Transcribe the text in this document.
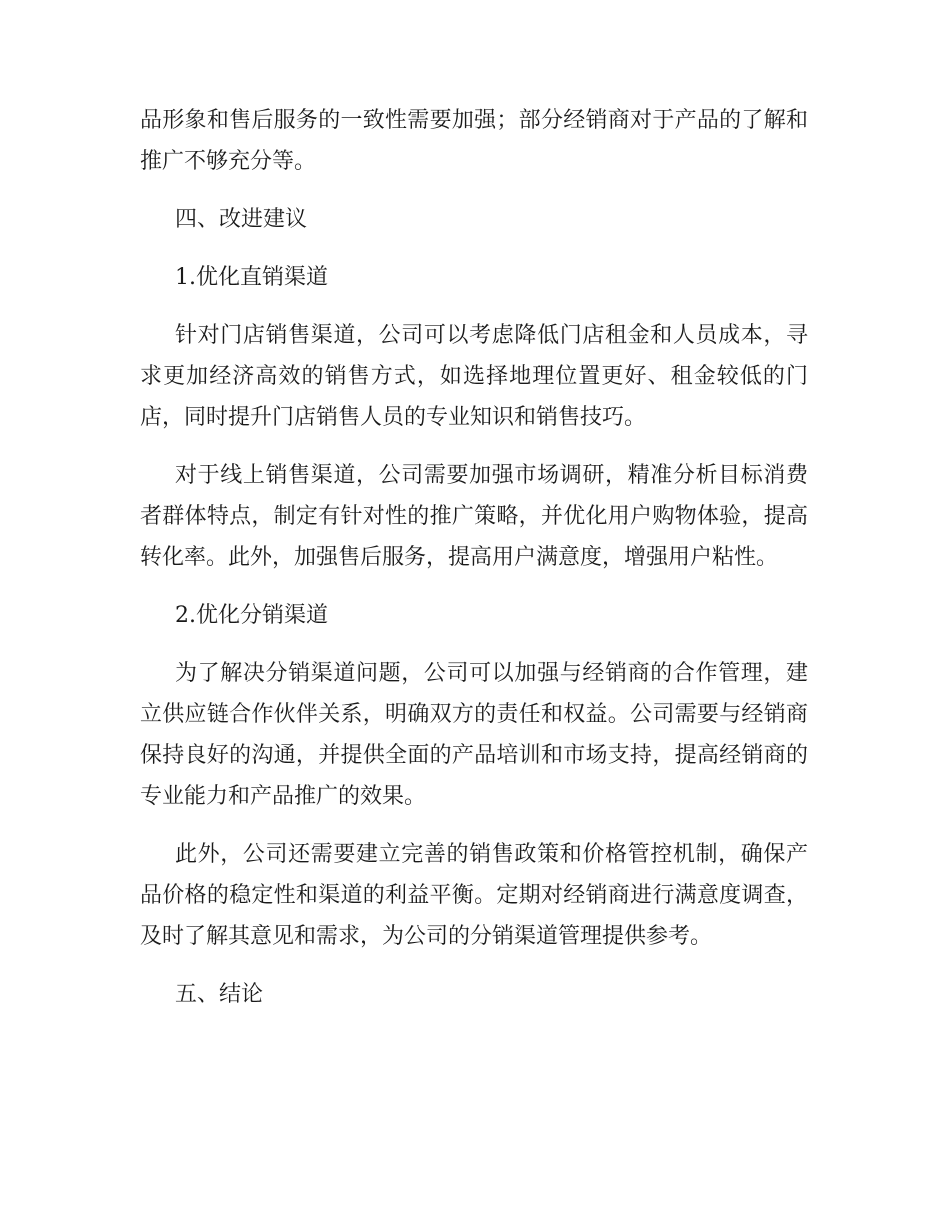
品形象和售后服务的一致性需要加强；部分经销商对于产品的了解和推广不够充分等。

四、改进建议

1.优化直销渠道

针对门店销售渠道，公司可以考虑降低门店租金和人员成本，寻求更加经济高效的销售方式，如选择地理位置更好、租金较低的门店，同时提升门店销售人员的专业知识和销售技巧。

对于线上销售渠道，公司需要加强市场调研，精准分析目标消费者群体特点，制定有针对性的推广策略，并优化用户购物体验，提高转化率。此外，加强售后服务，提高用户满意度，增强用户粘性。

2.优化分销渠道

为了解决分销渠道问题，公司可以加强与经销商的合作管理，建立供应链合作伙伴关系，明确双方的责任和权益。公司需要与经销商保持良好的沟通，并提供全面的产品培训和市场支持，提高经销商的专业能力和产品推广的效果。

此外，公司还需要建立完善的销售政策和价格管控机制，确保产品价格的稳定性和渠道的利益平衡。定期对经销商进行满意度调查，及时了解其意见和需求，为公司的分销渠道管理提供参考。

五、结论
